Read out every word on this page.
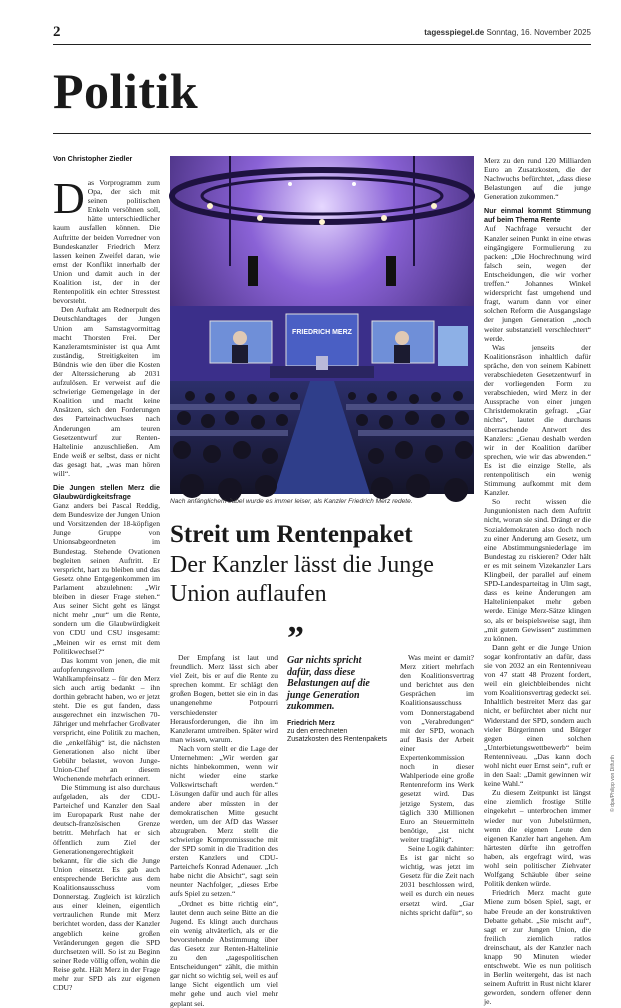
2	tagesspiegel.de Sonntag, 16. November 2025
Politik
Von Christopher Ziedler

Das Vorprogramm zum Opa, der sich mit seinen politischen Enkeln versöhnen soll, hätte unterschiedlicher kaum ausfallen können. Die Auftritte der beiden Vorredner von Bundeskanzler Friedrich Merz lassen keinen Zweifel daran, wie ernst der Konflikt innerhalb der Union und damit auch in der Koalition ist, der in der Rentenpolitik ein echter Stresstest bevorsteht.

Den Auftakt am Rednerpult des Deutschlandtages der Jungen Union am Samstagvormittag macht Thorsten Frei. Der Kanzleramtsminister ist qua Amt zuständig, Streitigkeiten im Bündnis wie den über die Kosten der Alterssicherung ab 2031 aufzulösen. Er verweist auf die schwierige Gemengelage in der Koalition und macht keine Ansätzen, sich den Forderungen des Parteinachwuchses nach Änderungen am teuren Gesetzentwurf zur Renten-Haltelinie anzuschließen. Am Ende weiß er selbst, dass er nicht das gesagt hat, „was man hören will“.

Die Jungen stellen Merz die Glaubwürdigkeitsfrage

Ganz anders bei Pascal Reddig, dem Bundesvize der Jungen Union und Vorsitzenden der 18-köpfigen Junge Gruppe von Unionsabgeordneten im Bundestag. Stehende Ovationen begleiten seinen Auftritt. Er verspricht, hart zu bleiben und das Gesetz ohne Entgegenkommen im Parlament abzulehnen: „Wir bleiben in dieser Frage stehen.“ Aus seiner Sicht geht es längst nicht mehr „nur“ um die Rente, sondern um die Glaubwürdigkeit von CDU und CSU insgesamt: „Meinen wir es ernst mit dem Politikwechsel?“

Das kommt von jenen, die mit aufopferungsvollem Wahlkampfeinsatz – für den Merz sich auch artig bedankt – ihn dorthin gebracht haben, wo er jetzt steht. Die es gut fanden, dass ausgerechnet ein inzwischen 70-Jähriger und mehrfacher Großvater verspricht, eine Politik zu machen, die „enkelfähig“ ist, die nächsten Generationen also nicht über Gebühr belastet, wovon Junge-Union-Chef an diesem Wochenende mehrfach erinnert.

Die Stimmung ist also durchaus aufgeladen, als der CDU-Parteichef und Kanzler den Saal im Europapark Rust nahe der deutsch-französischen Grenze betritt. Mehrfach hat er sich öffentlich zum Ziel der Generationengerechtigkeit bekannt, für die sich die Junge Union einsetzt. Es gab auch entsprechende Berichte aus dem Koalitionsausschuss vom Donnerstag. Zugleich ist kürzlich aus einer kleinen, eigentlich vertraulichen Runde mit Merz berichtet worden, dass der Kanzler angeblich keine großen Veränderungen gegen die SPD durchsetzen will. So ist zu Beginn seiner Rede völlig offen, wohin die Reise geht. Hält Merz in der Frage mehr zur SPD als zur eigenen CDU?

FRIEDRICH MERZ
Nach anfänglichem Jubel wurde es immer leiser, als Kanzler Friedrich Merz redete.
Streit um Rentenpaket
Der Kanzler lässt die Junge Union auflaufen

Der Empfang ist laut und freundlich. Merz lässt sich aber viel Zeit, bis er auf die Rente zu sprechen kommt. Er schlägt den großen Bogen, bettet sie ein in das unangenehme Potpourri verschiedenster Herausforderungen, die ihn im Kanzleramt umtreiben. Später wird man wissen, warum.

Nach vorn stellt er die Lage der Unternehmen: „Wir werden gar nichts hinbekommen, wenn wir nicht wieder eine starke Volkswirtschaft werden.“ Lösungen dafür und auch für alles andere aber müssten in der demokratischen Mitte gesucht werden, um der AfD das Wasser abzugraben. Merz stellt die schwierige Kompromisssuche mit der SPD somit in die Tradition des ersten Kanzlers und CDU-Parteichefs Konrad Adenauer. „Ich habe nicht die Absicht“, sagt sein neunter Nachfolger, „dieses Erbe aufs Spiel zu setzen.“

„Ordnet es bitte richtig ein“, lautet denn auch seine Bitte an die Jugend. Es klingt auch durchaus ein wenig altväterlich, als er die bevorstehende Abstimmung über das Gesetz zur Renten-Haltelinie zu den „tagespolitischen Entscheidungen“ zählt, die mithin gar nicht so wichtig sei, weil es auf lange Sicht eigentlich um viel mehr gehe und auch viel mehr geplant sei.

”
Gar nichts spricht dafür, dass diese Belastungen auf die junge Generation zukommen.
Friedrich Merz
zu den errechneten Zusatzkosten des Rentenpakets

Was meint er damit? Merz zitiert mehrfach den Koalitionsvertrag und berichtet aus den Gesprächen im Koalitionsausschuss vom Donnerstagabend von „Verabredungen“ mit der SPD, wonach auf Basis der Arbeit einer Expertenkommission noch in dieser Wahlperiode eine große Rentenreform ins Werk gesetzt wird. Das jetzige System, das täglich 330 Millionen Euro an Steuermitteln benötige, „ist nicht weiter tragfähig“.

Seine Logik dahinter: Es ist gar nicht so wichtig, was jetzt im Gesetz für die Zeit nach 2031 beschlossen wird, weil es durch ein neues ersetzt wird. „Gar nichts spricht dafür“, so

Merz zu den rund 120 Milliarden Euro an Zusatzkosten, die der Nachwuchs befürchtet, „dass diese Belastungen auf die junge Generation zukommen.“

Nur einmal kommt Stimmung auf beim Thema Rente

Auf Nachfrage versucht der Kanzler seinen Punkt in eine etwas eingängigere Formulierung zu packen: „Die Hochrechnung wird falsch sein, wegen der Entscheidungen, die wir vorher treffen.“ Johannes Winkel widerspricht fast umgehend und fragt, warum dann vor einer solchen Reform die Ausgangslage der jungen Generation „noch weiter substanziell verschlechtert“ werde.

Was jenseits der Koalitionsräson inhaltlich dafür spräche, den von seinem Kabinett verabschiedeten Gesetzentwurf in der vorliegenden Form zu verabschieden, wird Merz in der Aussprache von einer jungen Christdemokratin gefragt. „Gar nichts“, lautet die durchaus überraschende Antwort des Kanzlers: „Genau deshalb werden wir in der Koalition darüber sprechen, wie wir das abwenden.“ Es ist die einzige Stelle, als rentenpolitisch ein wenig Stimmung aufkommt mit dem Kanzler.

So recht wissen die Jungunionisten nach dem Auftritt nicht, woran sie sind. Drängt er die Sozialdemokraten also doch noch zu einer Änderung am Gesetz, um eine Abstimmungsniederlage im Bundestag zu riskieren? Oder hält er es mit seinem Vizekanzler Lars Klingbeil, der parallel auf einem SPD-Landesparteitag in Ulm sagt, dass es keine Änderungen am Haltelinienpaket mehr geben werde. Einige Merz-Sätze klingen so, als er beispielsweise sagt, ihm „mit gutem Gewissen“ zustimmen zu können.

Dann geht er die Junge Union sogar konfrontativ an dafür, dass sie von 2032 an ein Rentenniveau von 47 statt 48 Prozent fordert, weil ein gleichbleibendes nicht vom Koalitionsvertrag gedeckt sei. Inhaltlich bestreitet Merz das gar nicht, er befürchtet aber nicht nur Widerstand der SPD, sondern auch vieler Bürgerinnen und Bürger gegen einen solchen „Unterbietungswettbewerb“ beim Rentenniveau. „Das kann doch wohl nicht euer Ernst sein“, ruft er in den Saal: „Damit gewinnen wir keine Wahl.“

Zu diesem Zeitpunkt ist längst eine ziemlich frostige Stille eingekehrt – unterbrochen immer wieder nur von Jubelstürmen, wenn die eigenen Leute den eigenen Kanzler hart angehen. Am härtesten dürfte ihn getroffen haben, als ergefragt wird, was wohl sein politischer Ziehvater Wolfgang Schäuble über seine Politik denken würde.

Friedrich Merz macht gute Miene zum bösen Spiel, sagt, er habe Freude an der konstruktiven Debatte gehabt. „Sie mischt auf“, sagt er zur Jungen Union, die freilich ziemlich ratlos dreinschaut, als der Kanzler nach knapp 90 Minuten wieder entschwebt. Wie es nun politisch in Berlin weitergeht, das ist nach seinem Auftritt in Rust nicht klarer geworden, sondern offener denn je.

© dpa/Philipp von Ditfurth
